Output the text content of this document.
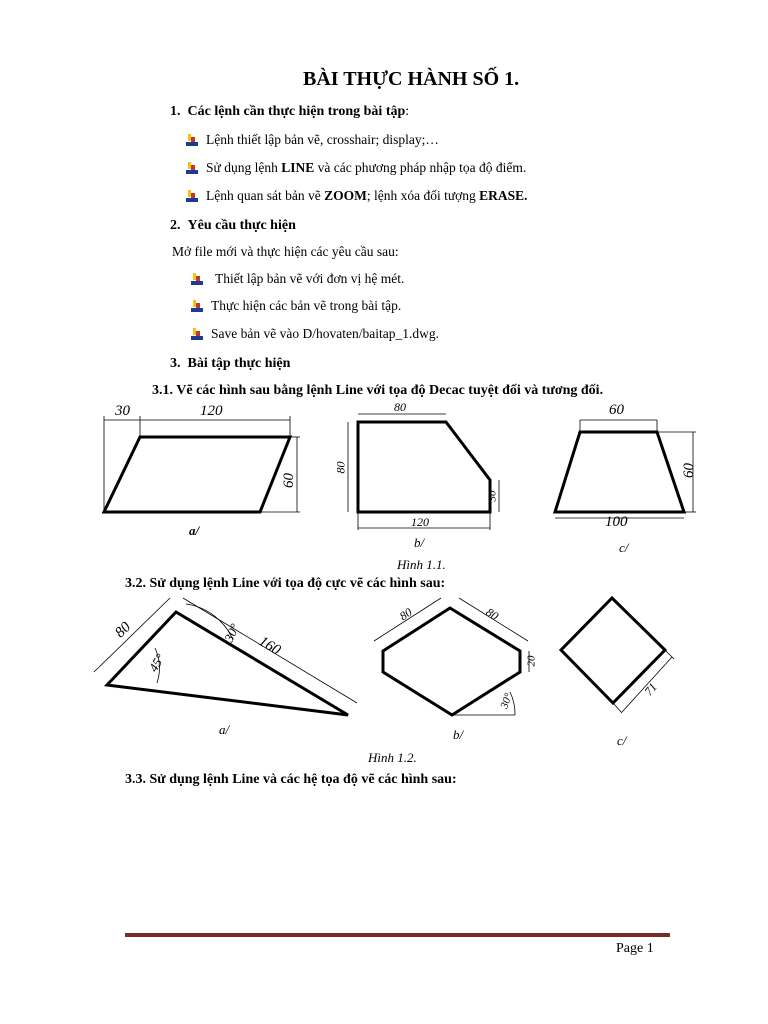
BÀI THỰC HÀNH SỐ 1.
1. Các lệnh cần thực hiện trong bài tập:
Lệnh thiết lập bản vẽ, crosshair; display;…
Sử dụng lệnh LINE và các phương pháp nhập tọa độ điểm.
Lệnh quan sát bản vẽ ZOOM; lệnh xóa đối tượng ERASE.
2. Yêu cầu thực hiện
Mở file mới và thực hiện các yêu cầu sau:
Thiết lập bản vẽ với đơn vị hệ mét.
Thực hiện các bản vẽ trong bài tập.
Save bản vẽ vào D/hovaten/baitap_1.dwg.
3. Bài tập thực hiện
3.1. Vẽ các hình sau bằng lệnh Line với tọa độ Decac tuyệt đối và tương đối.
30	120
60
a/
80
80
30
120
b/
60
60
100
c/
Hình 1.1.
3.2. Sử dụng lệnh Line với tọa độ cực vẽ các hình sau:
80
160
30°
45°
a/
80	80
20
30°
b/
71
c/
Hình 1.2.
3.3. Sử dụng lệnh Line và các hệ tọa độ vẽ các hình sau:
Page 1
